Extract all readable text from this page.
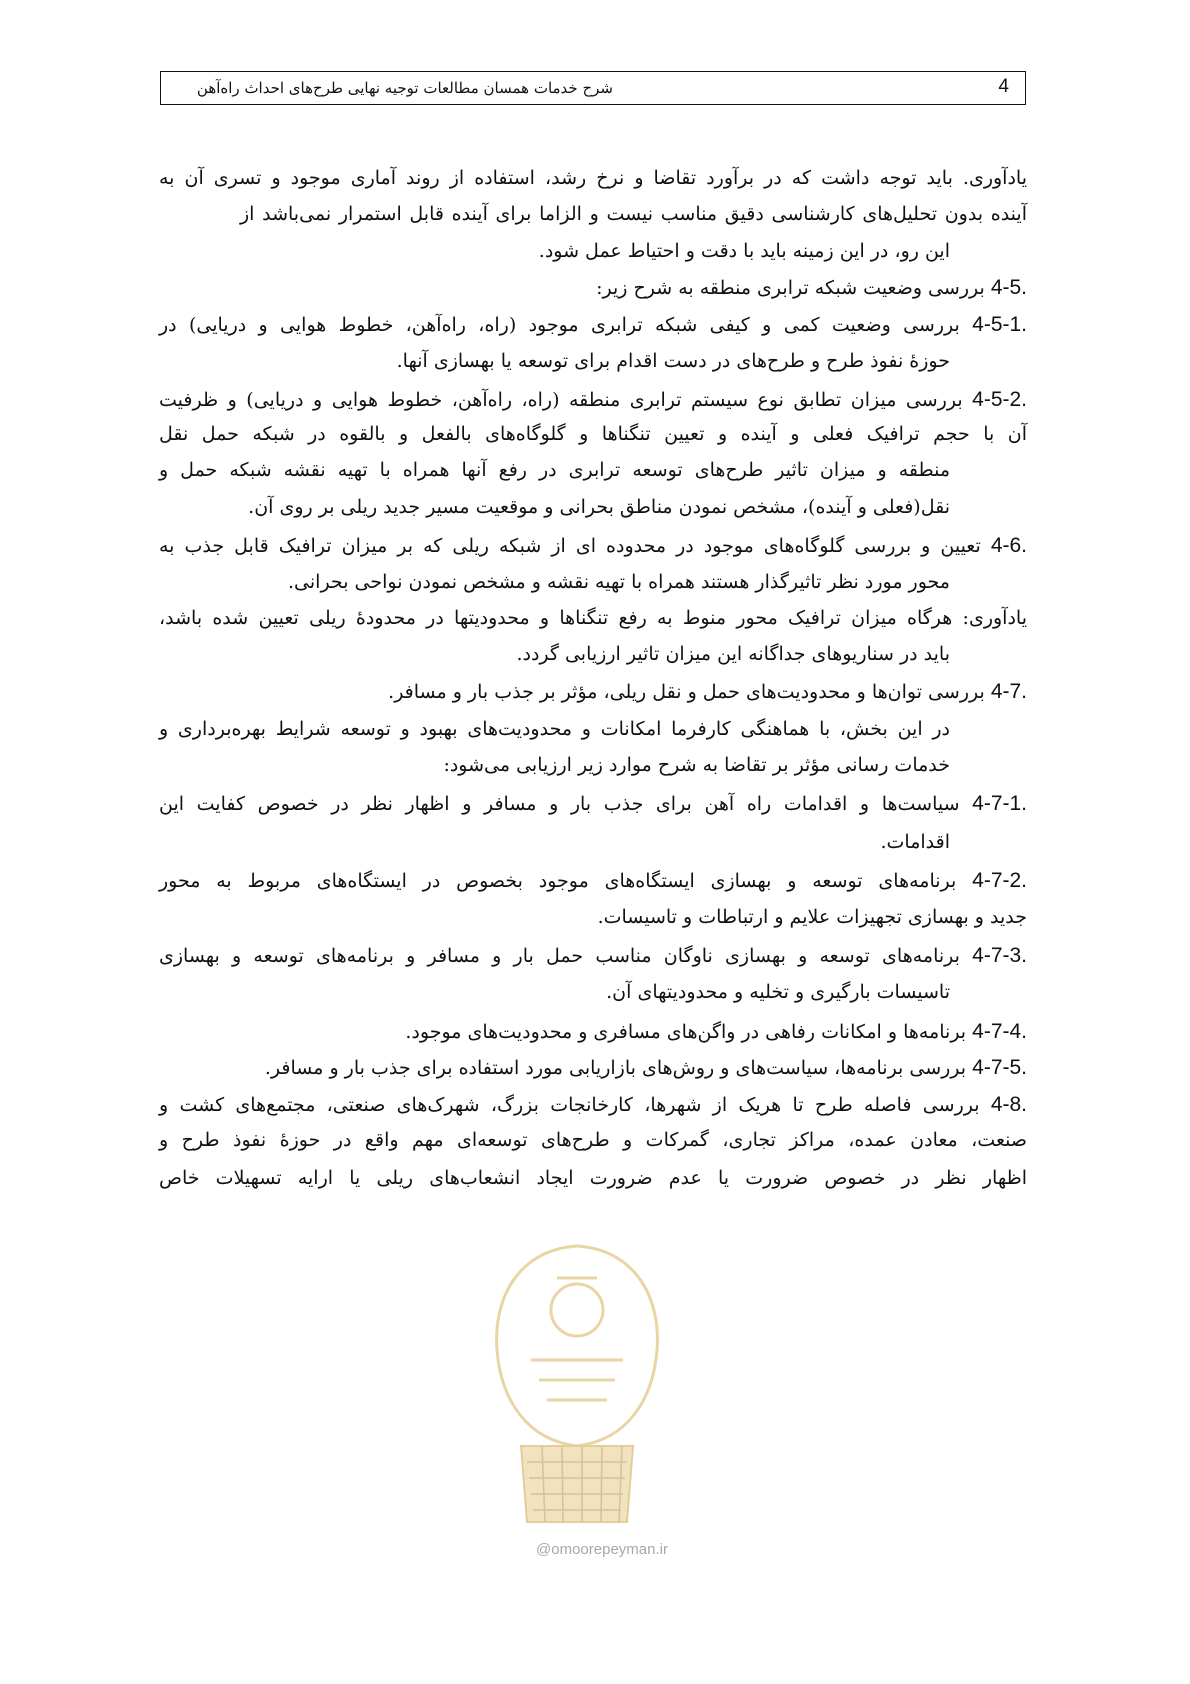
شرح خدمات همسان مطالعات توجیه نهایی طرح‌های احداث راه‌آهن	4
یادآوری. باید توجه داشت که در برآورد تقاضا و نرخ رشد، استفاده از روند آماری موجود و تسری آن به
آینده بدون تحلیل‌های کارشناسی دقیق مناسب نیست و الزاما برای آینده قابل استمرار نمی‌باشد از
این رو، در این زمینه باید با دقت و احتیاط عمل شود.
4-5. بررسی وضعیت شبکه ترابری منطقه به شرح زیر:
4-5-1. بررسی وضعیت کمی و کیفی شبکه ترابری موجود (راه، راه‌آهن، خطوط هوایی و دریایی) در
حوزۀ نفوذ طرح و طرح‌های در دست اقدام برای توسعه یا بهسازی آنها.
4-5-2. بررسی میزان تطابق نوع سیستم ترابری منطقه (راه، راه‌آهن، خطوط هوایی و دریایی) و ظرفیت
آن با حجم ترافیک فعلی و آینده و تعیین تنگناها و گلوگاه‌های بالفعل و بالقوه در شبکه حمل نقل
منطقه و میزان تاثیر طرح‌های توسعه ترابری در رفع آنها همراه با تهیه نقشه شبکه حمل و
نقل(فعلی و آینده)، مشخص نمودن مناطق بحرانی و موقعیت مسیر جدید ریلی بر روی آن.
4-6. تعیین و بررسی گلوگاه‌های موجود در محدوده ای از شبکه ریلی که بر میزان ترافیک قابل جذب به
محور مورد نظر تاثیرگذار هستند همراه با تهیه نقشه و مشخص نمودن نواحی بحرانی.
یادآوری: هرگاه میزان ترافیک محور منوط به رفع تنگناها و محدودیتها در محدودۀ ریلی تعیین شده باشد،
باید در سناریوهای جداگانه این میزان تاثیر ارزیابی گردد.
4-7. بررسی توان‌ها و محدودیت‌های حمل و نقل ریلی، مؤثر بر جذب بار و مسافر.
در این بخش، با هماهنگی کارفرما امکانات و محدودیت‌های بهبود و توسعه شرایط بهره‌برداری و
خدمات رسانی مؤثر بر تقاضا به شرح موارد زیر ارزیابی می‌شود:
4-7-1. سیاست‌ها و اقدامات راه آهن برای جذب بار و مسافر و اظهار نظر در خصوص کفایت این
اقدامات.
4-7-2. برنامه‌های توسعه و بهسازی ایستگاه‌های موجود بخصوص در ایستگاه‌های مربوط به محور
جدید و بهسازی تجهیزات علایم و ارتباطات و تاسیسات.
4-7-3. برنامه‌های توسعه و بهسازی ناوگان مناسب حمل بار و مسافر و برنامه‌های توسعه و بهسازی
تاسیسات بارگیری و تخلیه و محدودیتهای آن.
4-7-4. برنامه‌ها و امکانات رفاهی در واگن‌های مسافری و محدودیت‌های موجود.
4-7-5. بررسی برنامه‌ها، سیاست‌های و روش‌های بازاریابی مورد استفاده برای جذب بار و مسافر.
4-8. بررسی فاصله طرح تا هریک از شهرها، کارخانجات بزرگ، شهرک‌های صنعتی، مجتمع‌های کشت و
صنعت، معادن عمده، مراکز تجاری، گمرکات و طرح‌های توسعه‌ای مهم واقع در حوزۀ نفوذ طرح و
اظهار نظر در خصوص ضرورت یا عدم ضرورت ایجاد انشعاب‌های ریلی یا ارایه تسهیلات خاص
@omoorepeyman.ir
